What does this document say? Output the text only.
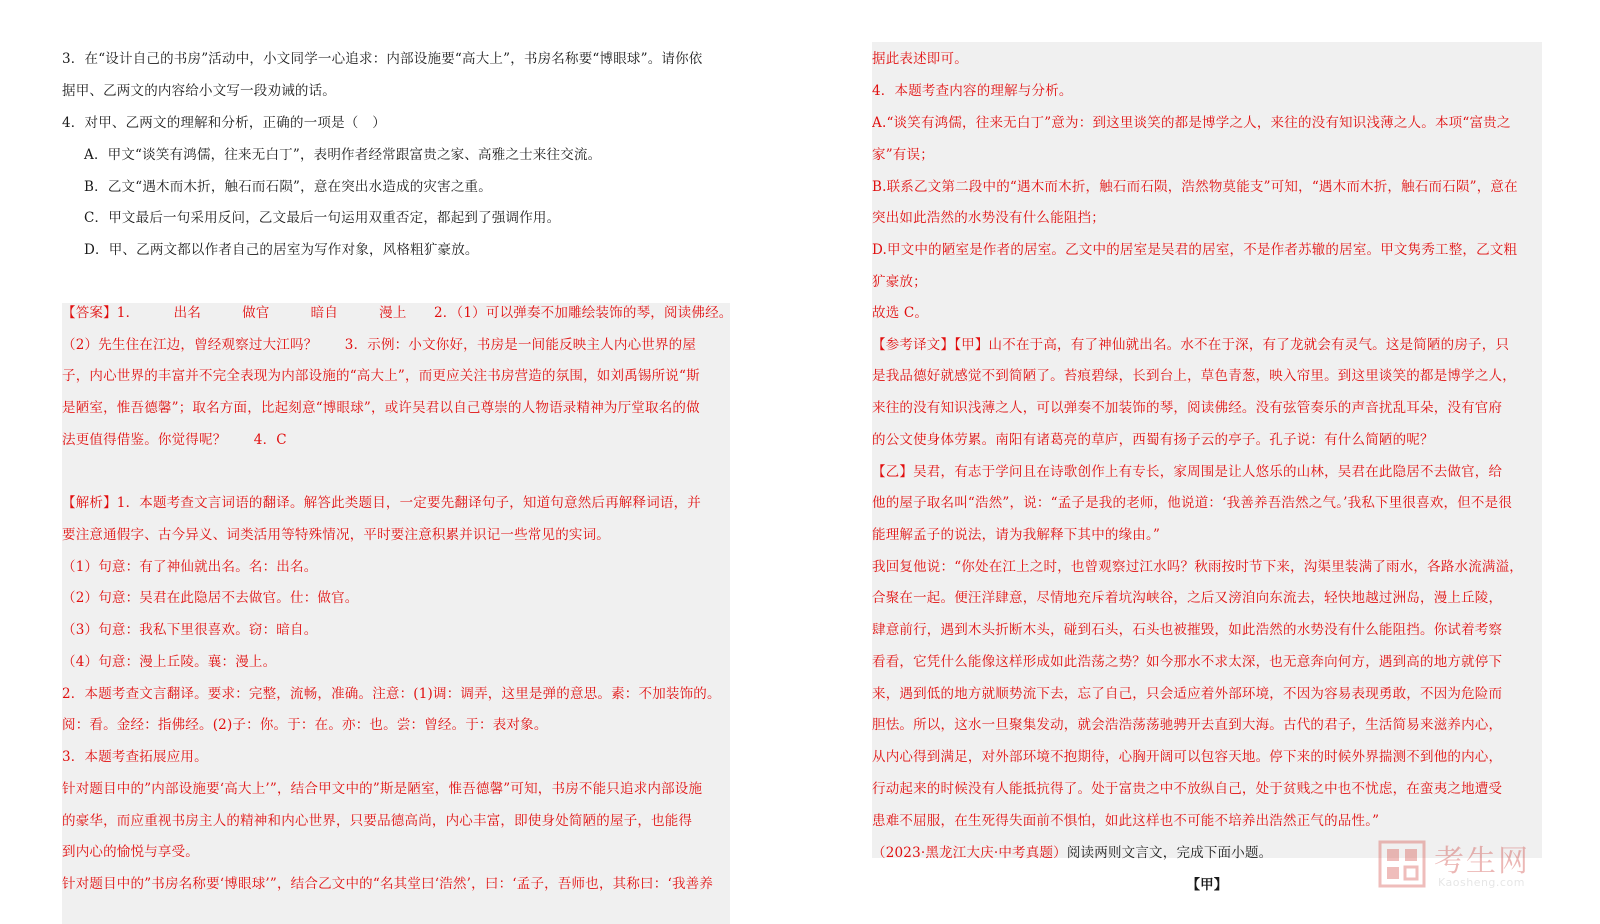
3．在“设计自己的书房”活动中，小文同学一心追求：内部设施要“高大上”，书房名称要“博眼球”。请你依
据甲、乙两文的内容给小文写一段劝诫的话。
4．对甲、乙两文的理解和分析，正确的一项是（　）
A．甲文“谈笑有鸿儒，往来无白丁”，表明作者经常跟富贵之家、高雅之士来往交流。
B．乙文“遇木而木折，触石而石陨”，意在突出水造成的灾害之重。
C．甲文最后一句采用反问，乙文最后一句运用双重否定，都起到了强调作用。
D．甲、乙两文都以作者自己的居室为写作对象，风格粗犷豪放。
【答案】1．　　　出名　　　做官　　　暗自　　　漫上　　2．（1）可以弹奏不加雕绘装饰的琴，阅读佛经。
（2）先生住在江边，曾经观察过大江吗？　　3．示例：小文你好，书房是一间能反映主人内心世界的屋
子，内心世界的丰富并不完全表现为内部设施的“高大上”，而更应关注书房营造的氛围，如刘禹锡所说“斯
是陋室，惟吾德馨”；取名方面，比起刻意“博眼球”，或许吴君以自己尊崇的人物语录精神为厅堂取名的做
法更值得借鉴。你觉得呢？　　4．C
【解析】1．本题考查文言词语的翻译。解答此类题目，一定要先翻译句子，知道句意然后再解释词语，并
要注意通假字、古今异义、词类活用等特殊情况，平时要注意积累并识记一些常见的实词。
（1）句意：有了神仙就出名。名：出名。
（2）句意：吴君在此隐居不去做官。仕：做官。
（3）句意：我私下里很喜欢。窃：暗自。
（4）句意：漫上丘陵。襄：漫上。
2．本题考查文言翻译。要求：完整，流畅，准确。注意：(1)调：调弄，这里是弹的意思。素：不加装饰的。
阅：看。金经：指佛经。(2)子：你。于：在。亦：也。尝：曾经。于：表对象。
3．本题考查拓展应用。
针对题目中的”内部设施要‘高大上’”，结合甲文中的”斯是陋室，惟吾德馨”可知，书房不能只追求内部设施
的豪华，而应重视书房主人的精神和内心世界，只要品德高尚，内心丰富，即使身处简陋的屋子，也能得
到内心的愉悦与享受。
针对题目中的”书房名称要‘博眼球’”，结合乙文中的“名其堂曰‘浩然’，曰：‘孟子，吾师也，其称曰：‘我善养
据此表述即可。
4．本题考查内容的理解与分析。
A.“谈笑有鸿儒，往来无白丁”意为：到这里谈笑的都是博学之人，来往的没有知识浅薄之人。本项“富贵之
家”有误；
B.联系乙文第二段中的“遇木而木折，触石而石陨，浩然物莫能支”可知，“遇木而木折，触石而石陨”，意在
突出如此浩然的水势没有什么能阻挡；
D.甲文中的陋室是作者的居室。乙文中的居室是吴君的居室，不是作者苏辙的居室。甲文隽秀工整，乙文粗
犷豪放；
故选 C。
【参考译文】【甲】山不在于高，有了神仙就出名。水不在于深，有了龙就会有灵气。这是简陋的房子，只
是我品德好就感觉不到简陋了。苔痕碧绿，长到台上，草色青葱，映入帘里。到这里谈笑的都是博学之人，
来往的没有知识浅薄之人，可以弹奏不加装饰的琴，阅读佛经。没有弦管奏乐的声音扰乱耳朵，没有官府
的公文使身体劳累。南阳有诸葛亮的草庐，西蜀有扬子云的亭子。孔子说：有什么简陋的呢？
【乙】吴君，有志于学问且在诗歌创作上有专长，家周围是让人悠乐的山林，吴君在此隐居不去做官，给
他的屋子取名叫“浩然”，说：“孟子是我的老师，他说道：‘我善养吾浩然之气。’我私下里很喜欢，但不是很
能理解孟子的说法，请为我解释下其中的缘由。”
我回复他说：“你处在江上之时，也曾观察过江水吗？秋雨按时节下来，沟渠里装满了雨水，各路水流满溢，
合聚在一起。便汪洋肆意，尽情地充斥着坑沟峡谷，之后又滂洎向东流去，轻快地越过洲岛，漫上丘陵，
肆意前行，遇到木头折断木头，碰到石头，石头也被摧毁，如此浩然的水势没有什么能阻挡。你试着考察
看看，它凭什么能像这样形成如此浩荡之势？如今那水不求太深，也无意奔向何方，遇到高的地方就停下
来，遇到低的地方就顺势流下去，忘了自己，只会适应着外部环境，不因为容易表现勇敢，不因为危险而
胆怯。所以，这水一旦聚集发动，就会浩浩荡荡驰骋开去直到大海。古代的君子，生活简易来滋养内心，
从内心得到满足，对外部环境不抱期待，心胸开阔可以包容天地。停下来的时候外界揣测不到他的内心，
行动起来的时候没有人能抵抗得了。处于富贵之中不放纵自己，处于贫贱之中也不忧虑，在蛮夷之地遭受
患难不屈服，在生死得失面前不惧怕，如此这样也不可能不培养出浩然正气的品性。”
（2023·黑龙江大庆·中考真题）阅读两则文言文，完成下面小题。
【甲】
考生网
Kaosheng.com
